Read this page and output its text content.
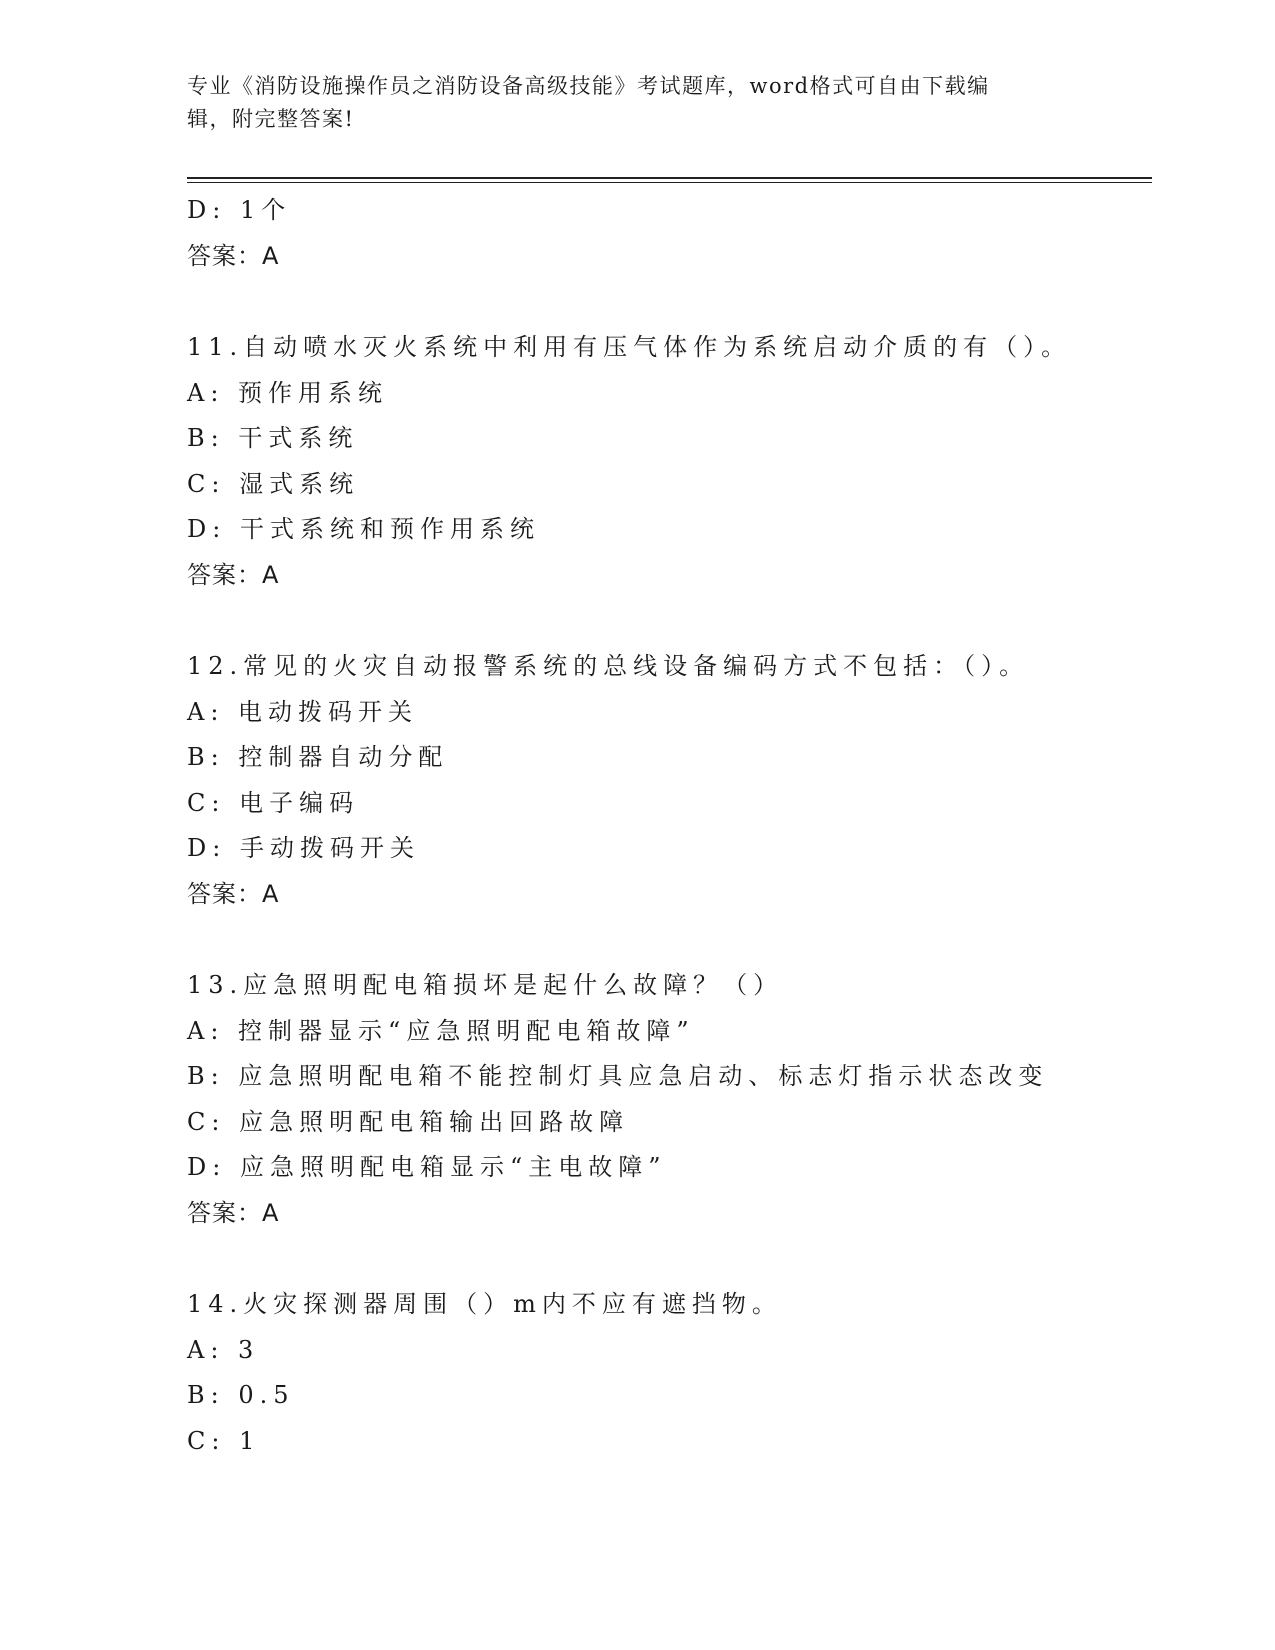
专业《消防设施操作员之消防设备高级技能》考试题库，word格式可自由下载编
辑，附完整答案!
D: 1个
答案：A
11.自动喷水灭火系统中利用有压气体作为系统启动介质的有（）。
A: 预作用系统
B: 干式系统
C: 湿式系统
D: 干式系统和预作用系统
答案：A
12.常见的火灾自动报警系统的总线设备编码方式不包括：（）。
A: 电动拨码开关
B: 控制器自动分配
C: 电子编码
D: 手动拨码开关
答案：A
13.应急照明配电箱损坏是起什么故障？（）
A: 控制器显示“应急照明配电箱故障”
B: 应急照明配电箱不能控制灯具应急启动、标志灯指示状态改变
C: 应急照明配电箱输出回路故障
D: 应急照明配电箱显示“主电故障”
答案：A
14.火灾探测器周围（）m内不应有遮挡物。
A: 3
B: 0.5
C: 1
